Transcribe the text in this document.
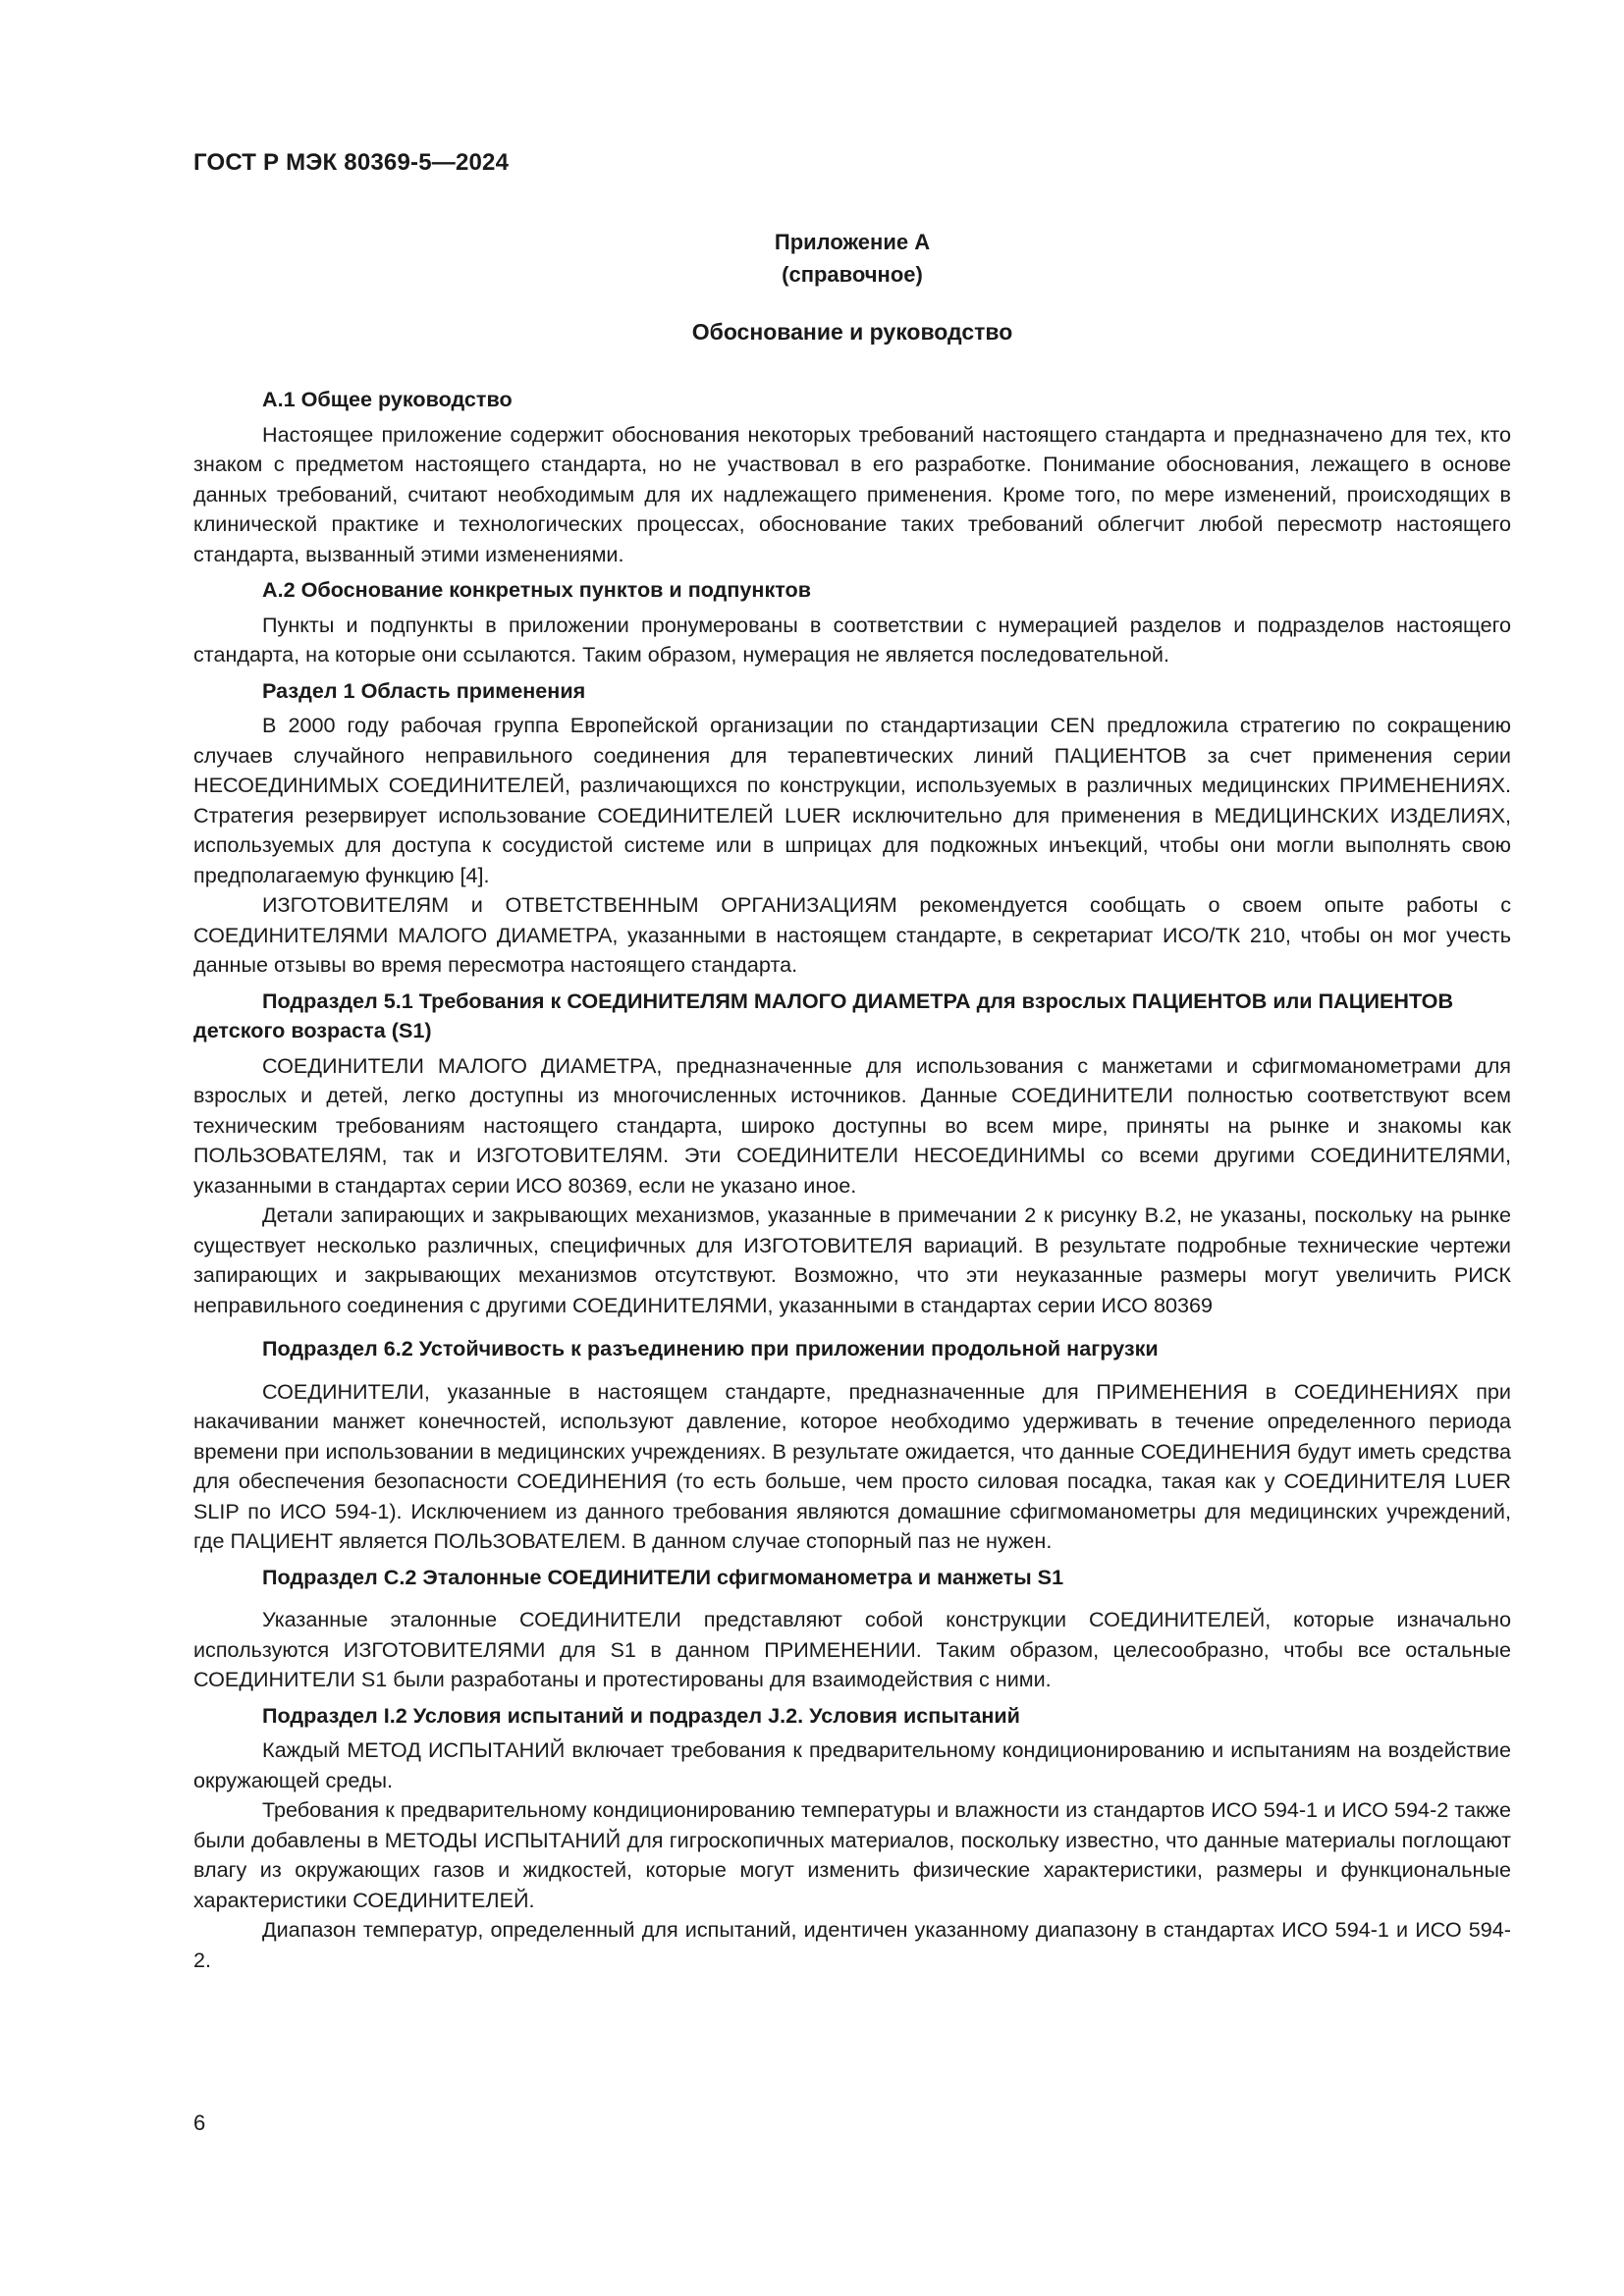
ГОСТ Р МЭК 80369-5—2024
Приложение А
(справочное)
Обоснование и руководство
А.1 Общее руководство

Настоящее приложение содержит обоснования некоторых требований настоящего стандарта и предназначено для тех, кто знаком с предметом настоящего стандарта, но не участвовал в его разработке. Понимание обоснования, лежащего в основе данных требований, считают необходимым для их надлежащего применения. Кроме того, по мере изменений, происходящих в клинической практике и технологических процессах, обоснование таких требований облегчит любой пересмотр настоящего стандарта, вызванный этими изменениями.

А.2 Обоснование конкретных пунктов и подпунктов

Пункты и подпункты в приложении пронумерованы в соответствии с нумерацией разделов и подразделов настоящего стандарта, на которые они ссылаются. Таким образом, нумерация не является последовательной.

Раздел 1 Область применения

В 2000 году рабочая группа Европейской организации по стандартизации CEN предложила стратегию по сокращению случаев случайного неправильного соединения для терапевтических линий ПАЦИЕНТОВ за счет применения серии НЕСОЕДИНИМЫХ СОЕДИНИТЕЛЕЙ, различающихся по конструкции, используемых в различных медицинских ПРИМЕНЕНИЯХ. Стратегия резервирует использование СОЕДИНИТЕЛЕЙ LUER исключительно для применения в МЕДИЦИНСКИХ ИЗДЕЛИЯХ, используемых для доступа к сосудистой системе или в шприцах для подкожных инъекций, чтобы они могли выполнять свою предполагаемую функцию [4].

ИЗГОТОВИТЕЛЯМ и ОТВЕТСТВЕННЫМ ОРГАНИЗАЦИЯМ рекомендуется сообщать о своем опыте работы с СОЕДИНИТЕЛЯМИ МАЛОГО ДИАМЕТРА, указанными в настоящем стандарте, в секретариат ИСО/ТК 210, чтобы он мог учесть данные отзывы во время пересмотра настоящего стандарта.

Подраздел 5.1 Требования к СОЕДИНИТЕЛЯМ МАЛОГО ДИАМЕТРА для взрослых ПАЦИЕНТОВ или ПАЦИЕНТОВ детского возраста (S1)

СОЕДИНИТЕЛИ МАЛОГО ДИАМЕТРА, предназначенные для использования с манжетами и сфигмоманометрами для взрослых и детей, легко доступны из многочисленных источников. Данные СОЕДИНИТЕЛИ полностью соответствуют всем техническим требованиям настоящего стандарта, широко доступны во всем мире, приняты на рынке и знакомы как ПОЛЬЗОВАТЕЛЯМ, так и ИЗГОТОВИТЕЛЯМ. Эти СОЕДИНИТЕЛИ НЕСОЕДИНИМЫ со всеми другими СОЕДИНИТЕЛЯМИ, указанными в стандартах серии ИСО 80369, если не указано иное.

Детали запирающих и закрывающих механизмов, указанные в примечании 2 к рисунку В.2, не указаны, поскольку на рынке существует несколько различных, специфичных для ИЗГОТОВИТЕЛЯ вариаций. В результате подробные технические чертежи запирающих и закрывающих механизмов отсутствуют. Возможно, что эти неуказанные размеры могут увеличить РИСК неправильного соединения с другими СОЕДИНИТЕЛЯМИ, указанными в стандартах серии ИСО 80369

Подраздел 6.2 Устойчивость к разъединению при приложении продольной нагрузки

СОЕДИНИТЕЛИ, указанные в настоящем стандарте, предназначенные для ПРИМЕНЕНИЯ в СОЕДИНЕНИЯХ при накачивании манжет конечностей, используют давление, которое необходимо удерживать в течение определенного периода времени при использовании в медицинских учреждениях. В результате ожидается, что данные СОЕДИНЕНИЯ будут иметь средства для обеспечения безопасности СОЕДИНЕНИЯ (то есть больше, чем просто силовая посадка, такая как у СОЕДИНИТЕЛЯ LUER SLIP по ИСО 594-1). Исключением из данного требования являются домашние сфигмоманометры для медицинских учреждений, где ПАЦИЕНТ является ПОЛЬЗОВАТЕЛЕМ. В данном случае стопорный паз не нужен.

Подраздел С.2 Эталонные СОЕДИНИТЕЛИ сфигмоманометра и манжеты S1

Указанные эталонные СОЕДИНИТЕЛИ представляют собой конструкции СОЕДИНИТЕЛЕЙ, которые изначально используются ИЗГОТОВИТЕЛЯМИ для S1 в данном ПРИМЕНЕНИИ. Таким образом, целесообразно, чтобы все остальные СОЕДИНИТЕЛИ S1 были разработаны и протестированы для взаимодействия с ними.

Подраздел I.2 Условия испытаний и подраздел J.2. Условия испытаний

Каждый МЕТОД ИСПЫТАНИЙ включает требования к предварительному кондиционированию и испытаниям на воздействие окружающей среды.

Требования к предварительному кондиционированию температуры и влажности из стандартов ИСО 594-1 и ИСО 594-2 также были добавлены в МЕТОДЫ ИСПЫТАНИЙ для гигроскопичных материалов, поскольку известно, что данные материалы поглощают влагу из окружающих газов и жидкостей, которые могут изменить физические характеристики, размеры и функциональные характеристики СОЕДИНИТЕЛЕЙ.

Диапазон температур, определенный для испытаний, идентичен указанному диапазону в стандартах ИСО 594-1 и ИСО 594-2.

6
